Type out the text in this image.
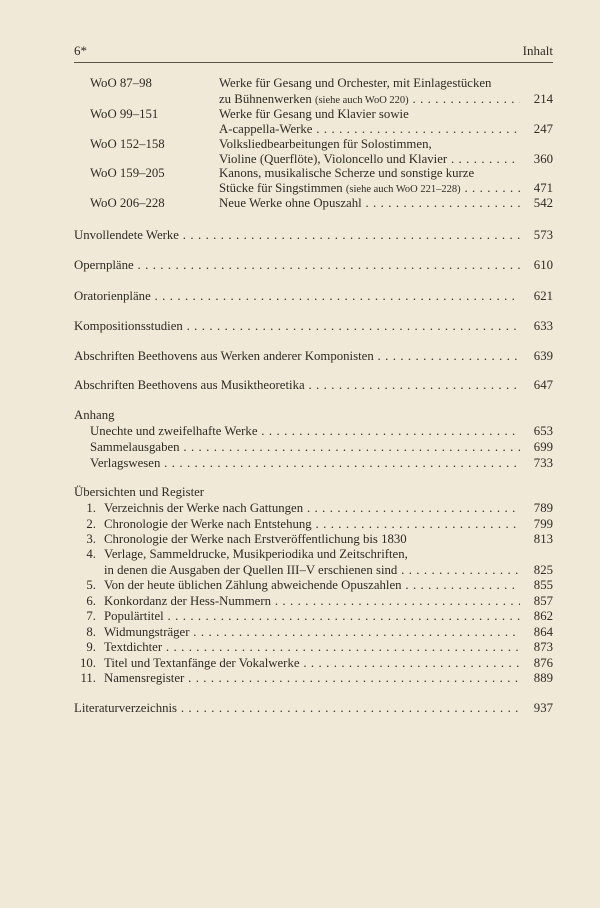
6*	Inhalt
WoO 87–98	Werke für Gesang und Orchester, mit Einlagestücken
zu Bühnenwerken (siehe auch WoO 220) . . .	214
WoO 99–151	Werke für Gesang und Klavier sowie
A-cappella-Werke . . .	247
WoO 152–158	Volksliedbearbeitungen für Solostimmen,
Violine (Querflöte), Violoncello und Klavier . . .	360
WoO 159–205	Kanons, musikalische Scherze und sonstige kurze
Stücke für Singstimmen (siehe auch WoO 221–228) . . .	471
WoO 206–228	Neue Werke ohne Opuszahl . . .	542
Unvollendete Werke . . .	573
Opernpläne . . .	610
Oratorienpläne . . .	621
Kompositionsstudien . . .	633
Abschriften Beethovens aus Werken anderer Komponisten . . .	639
Abschriften Beethovens aus Musiktheoretika . . .	647
Anhang
Unechte und zweifelhafte Werke . . .	653
Sammelausgaben . . .	699
Verlagswesen . . .	733
Übersichten und Register
1. Verzeichnis der Werke nach Gattungen . . .	789
2. Chronologie der Werke nach Entstehung . . .	799
3. Chronologie der Werke nach Erstveröffentlichung bis 1830	813
4. Verlage, Sammeldrucke, Musikperiodika und Zeitschriften,
in denen die Ausgaben der Quellen III–V erschienen sind . . .	825
5. Von der heute üblichen Zählung abweichende Opuszahlen . . .	855
6. Konkordanz der Hess-Nummern . . .	857
7. Populärtitel . . .	862
8. Widmungsträger . . .	864
9. Textdichter . . .	873
10. Titel und Textanfänge der Vokalwerke . . .	876
11. Namensregister . . .	889
Literaturverzeichnis . . .	937
